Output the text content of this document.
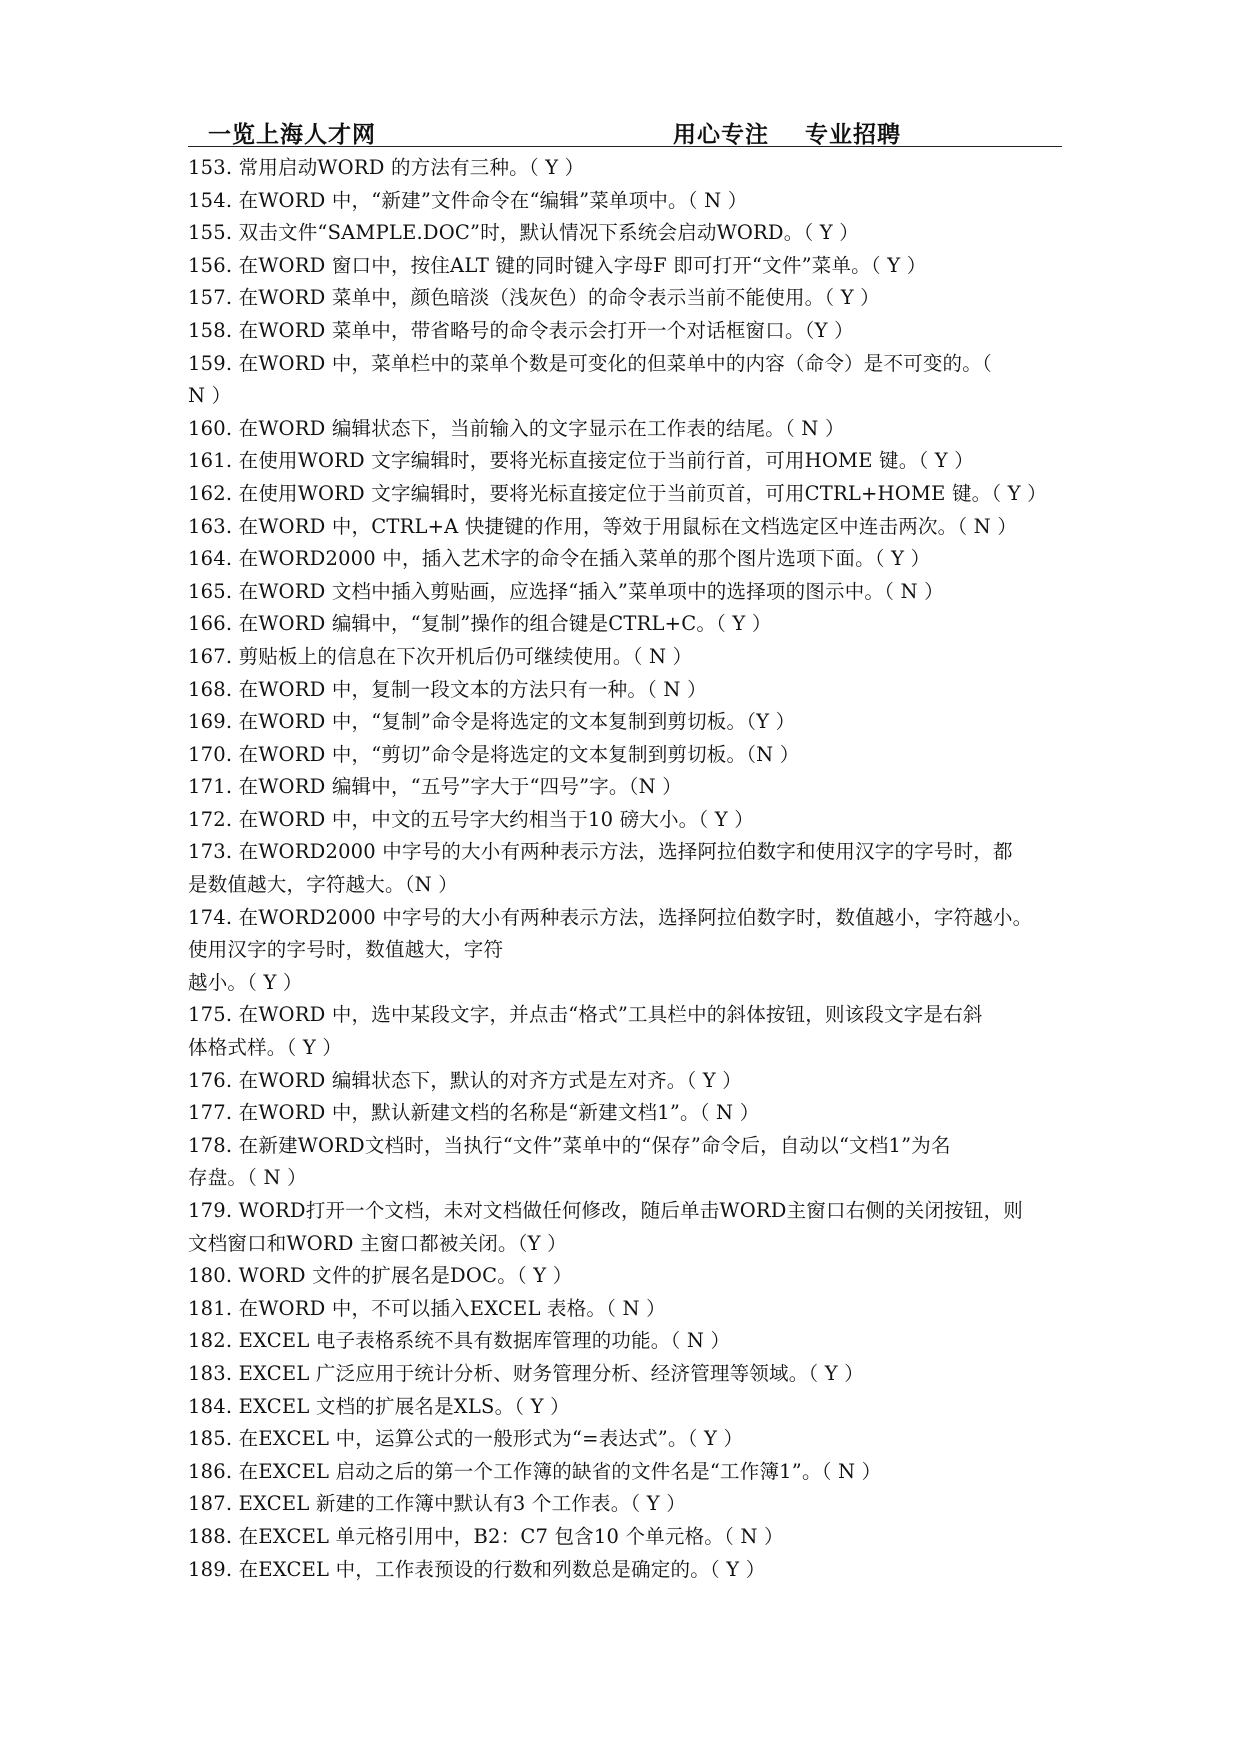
一览上海人才网	用心专注    专业招聘
153. 常用启动WORD 的方法有三种。（ Y ）
154. 在WORD 中，“新建”文件命令在“编辑”菜单项中。（ N ）
155. 双击文件“SAMPLE.DOC”时，默认情况下系统会启动WORD。（ Y ）
156. 在WORD 窗口中，按住ALT 键的同时键入字母F 即可打开“文件”菜单。（ Y ）
157. 在WORD 菜单中，颜色暗淡（浅灰色）的命令表示当前不能使用。（ Y ）
158. 在WORD 菜单中，带省略号的命令表示会打开一个对话框窗口。（Y ）
159. 在WORD 中，菜单栏中的菜单个数是可变化的但菜单中的内容（命令）是不可变的。（
N ）
160. 在WORD 编辑状态下，当前输入的文字显示在工作表的结尾。（ N ）
161. 在使用WORD 文字编辑时，要将光标直接定位于当前行首，可用HOME 键。（ Y ）
162. 在使用WORD 文字编辑时，要将光标直接定位于当前页首，可用CTRL+HOME 键。（ Y ）
163. 在WORD 中，CTRL+A 快捷键的作用，等效于用鼠标在文档选定区中连击两次。（ N ）
164. 在WORD2000 中，插入艺术字的命令在插入菜单的那个图片选项下面。（ Y ）
165. 在WORD 文档中插入剪贴画，应选择“插入”菜单项中的选择项的图示中。（ N ）
166. 在WORD 编辑中，“复制”操作的组合键是CTRL+C。（ Y ）
167. 剪贴板上的信息在下次开机后仍可继续使用。（ N ）
168. 在WORD 中，复制一段文本的方法只有一种。（ N ）
169. 在WORD 中，“复制”命令是将选定的文本复制到剪切板。（Y ）
170. 在WORD 中，“剪切”命令是将选定的文本复制到剪切板。（N ）
171. 在WORD 编辑中，“五号”字大于“四号”字。（N ）
172. 在WORD 中，中文的五号字大约相当于10 磅大小。（ Y ）
173. 在WORD2000 中字号的大小有两种表示方法，选择阿拉伯数字和使用汉字的字号时，都
是数值越大，字符越大。（N ）
174. 在WORD2000 中字号的大小有两种表示方法，选择阿拉伯数字时，数值越小，字符越小。
使用汉字的字号时，数值越大，字符
越小。（ Y ）
175. 在WORD 中，选中某段文字，并点击“格式”工具栏中的斜体按钮，则该段文字是右斜
体格式样。（ Y ）
176. 在WORD 编辑状态下，默认的对齐方式是左对齐。（ Y ）
177. 在WORD 中，默认新建文档的名称是“新建文档1”。（ N ）
178. 在新建WORD文档时，当执行“文件”菜单中的“保存”命令后，自动以“文档1”为名
存盘。（ N ）
179. WORD打开一个文档，未对文档做任何修改，随后单击WORD主窗口右侧的关闭按钮，则
文档窗口和WORD 主窗口都被关闭。（Y ）
180. WORD 文件的扩展名是DOC。（ Y ）
181. 在WORD 中，不可以插入EXCEL 表格。（ N ）
182. EXCEL 电子表格系统不具有数据库管理的功能。（ N ）
183. EXCEL 广泛应用于统计分析、财务管理分析、经济管理等领域。（ Y ）
184. EXCEL 文档的扩展名是XLS。（ Y ）
185. 在EXCEL 中，运算公式的一般形式为“=表达式”。（ Y ）
186. 在EXCEL 启动之后的第一个工作簿的缺省的文件名是“工作簿1”。（ N ）
187. EXCEL 新建的工作簿中默认有3 个工作表。（ Y ）
188. 在EXCEL 单元格引用中，B2：C7 包含10 个单元格。（ N ）
189. 在EXCEL 中，工作表预设的行数和列数总是确定的。（ Y ）
